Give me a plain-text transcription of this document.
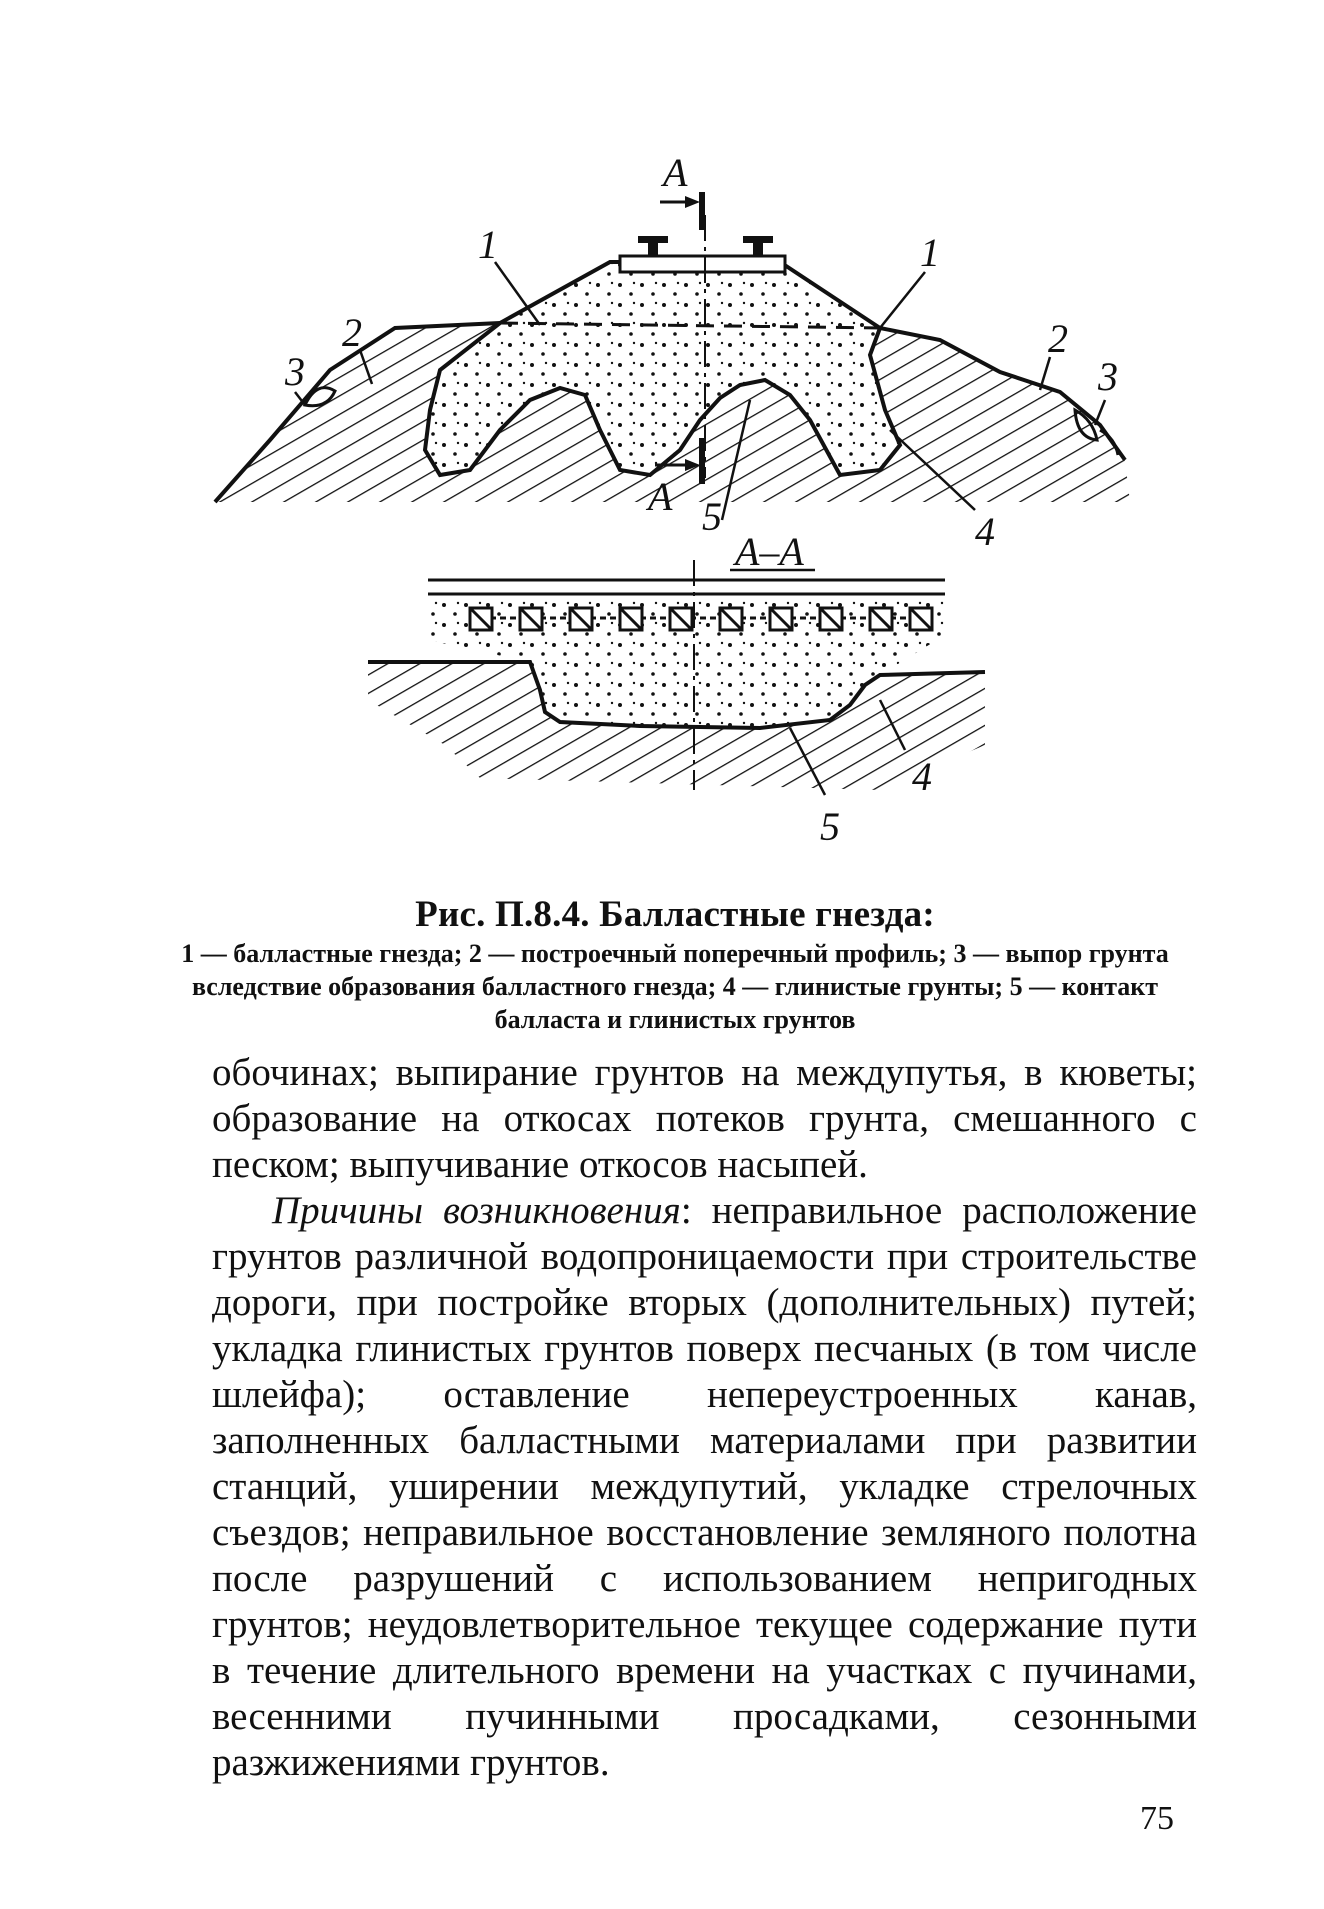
А
А
1	1
2	2
3	3
4
5
А–А
4
5
Рис. П.8.4. Балластные гнезда:
1 — балластные гнезда; 2 — построечный поперечный профиль; 3 — выпор грунта вследствие образования балластного гнезда; 4 — глинистые грунты; 5 — контакт балласта и глинистых грунтов

обочинах; выпирание грунтов на междупутья, в кюветы; образование на откосах потеков грунта, смешанного с песком; выпучивание откосов насыпей.

Причины возникновения: неправильное расположение грунтов различной водопроницаемости при строительстве дороги, при постройке вторых (дополнительных) путей; укладка глинистых грунтов поверх песчаных (в том числе шлейфа); оставление непереустроенных канав, заполненных балластными материалами при развитии станций, уширении междупутий, укладке стрелочных съездов; неправильное восстановление земляного полотна после разрушений с использованием непригодных грунтов; неудовлетворительное текущее содержание пути в течение длительного времени на участках с пучинами, весенними пучинными просадками, сезонными разжижениями грунтов.

75
